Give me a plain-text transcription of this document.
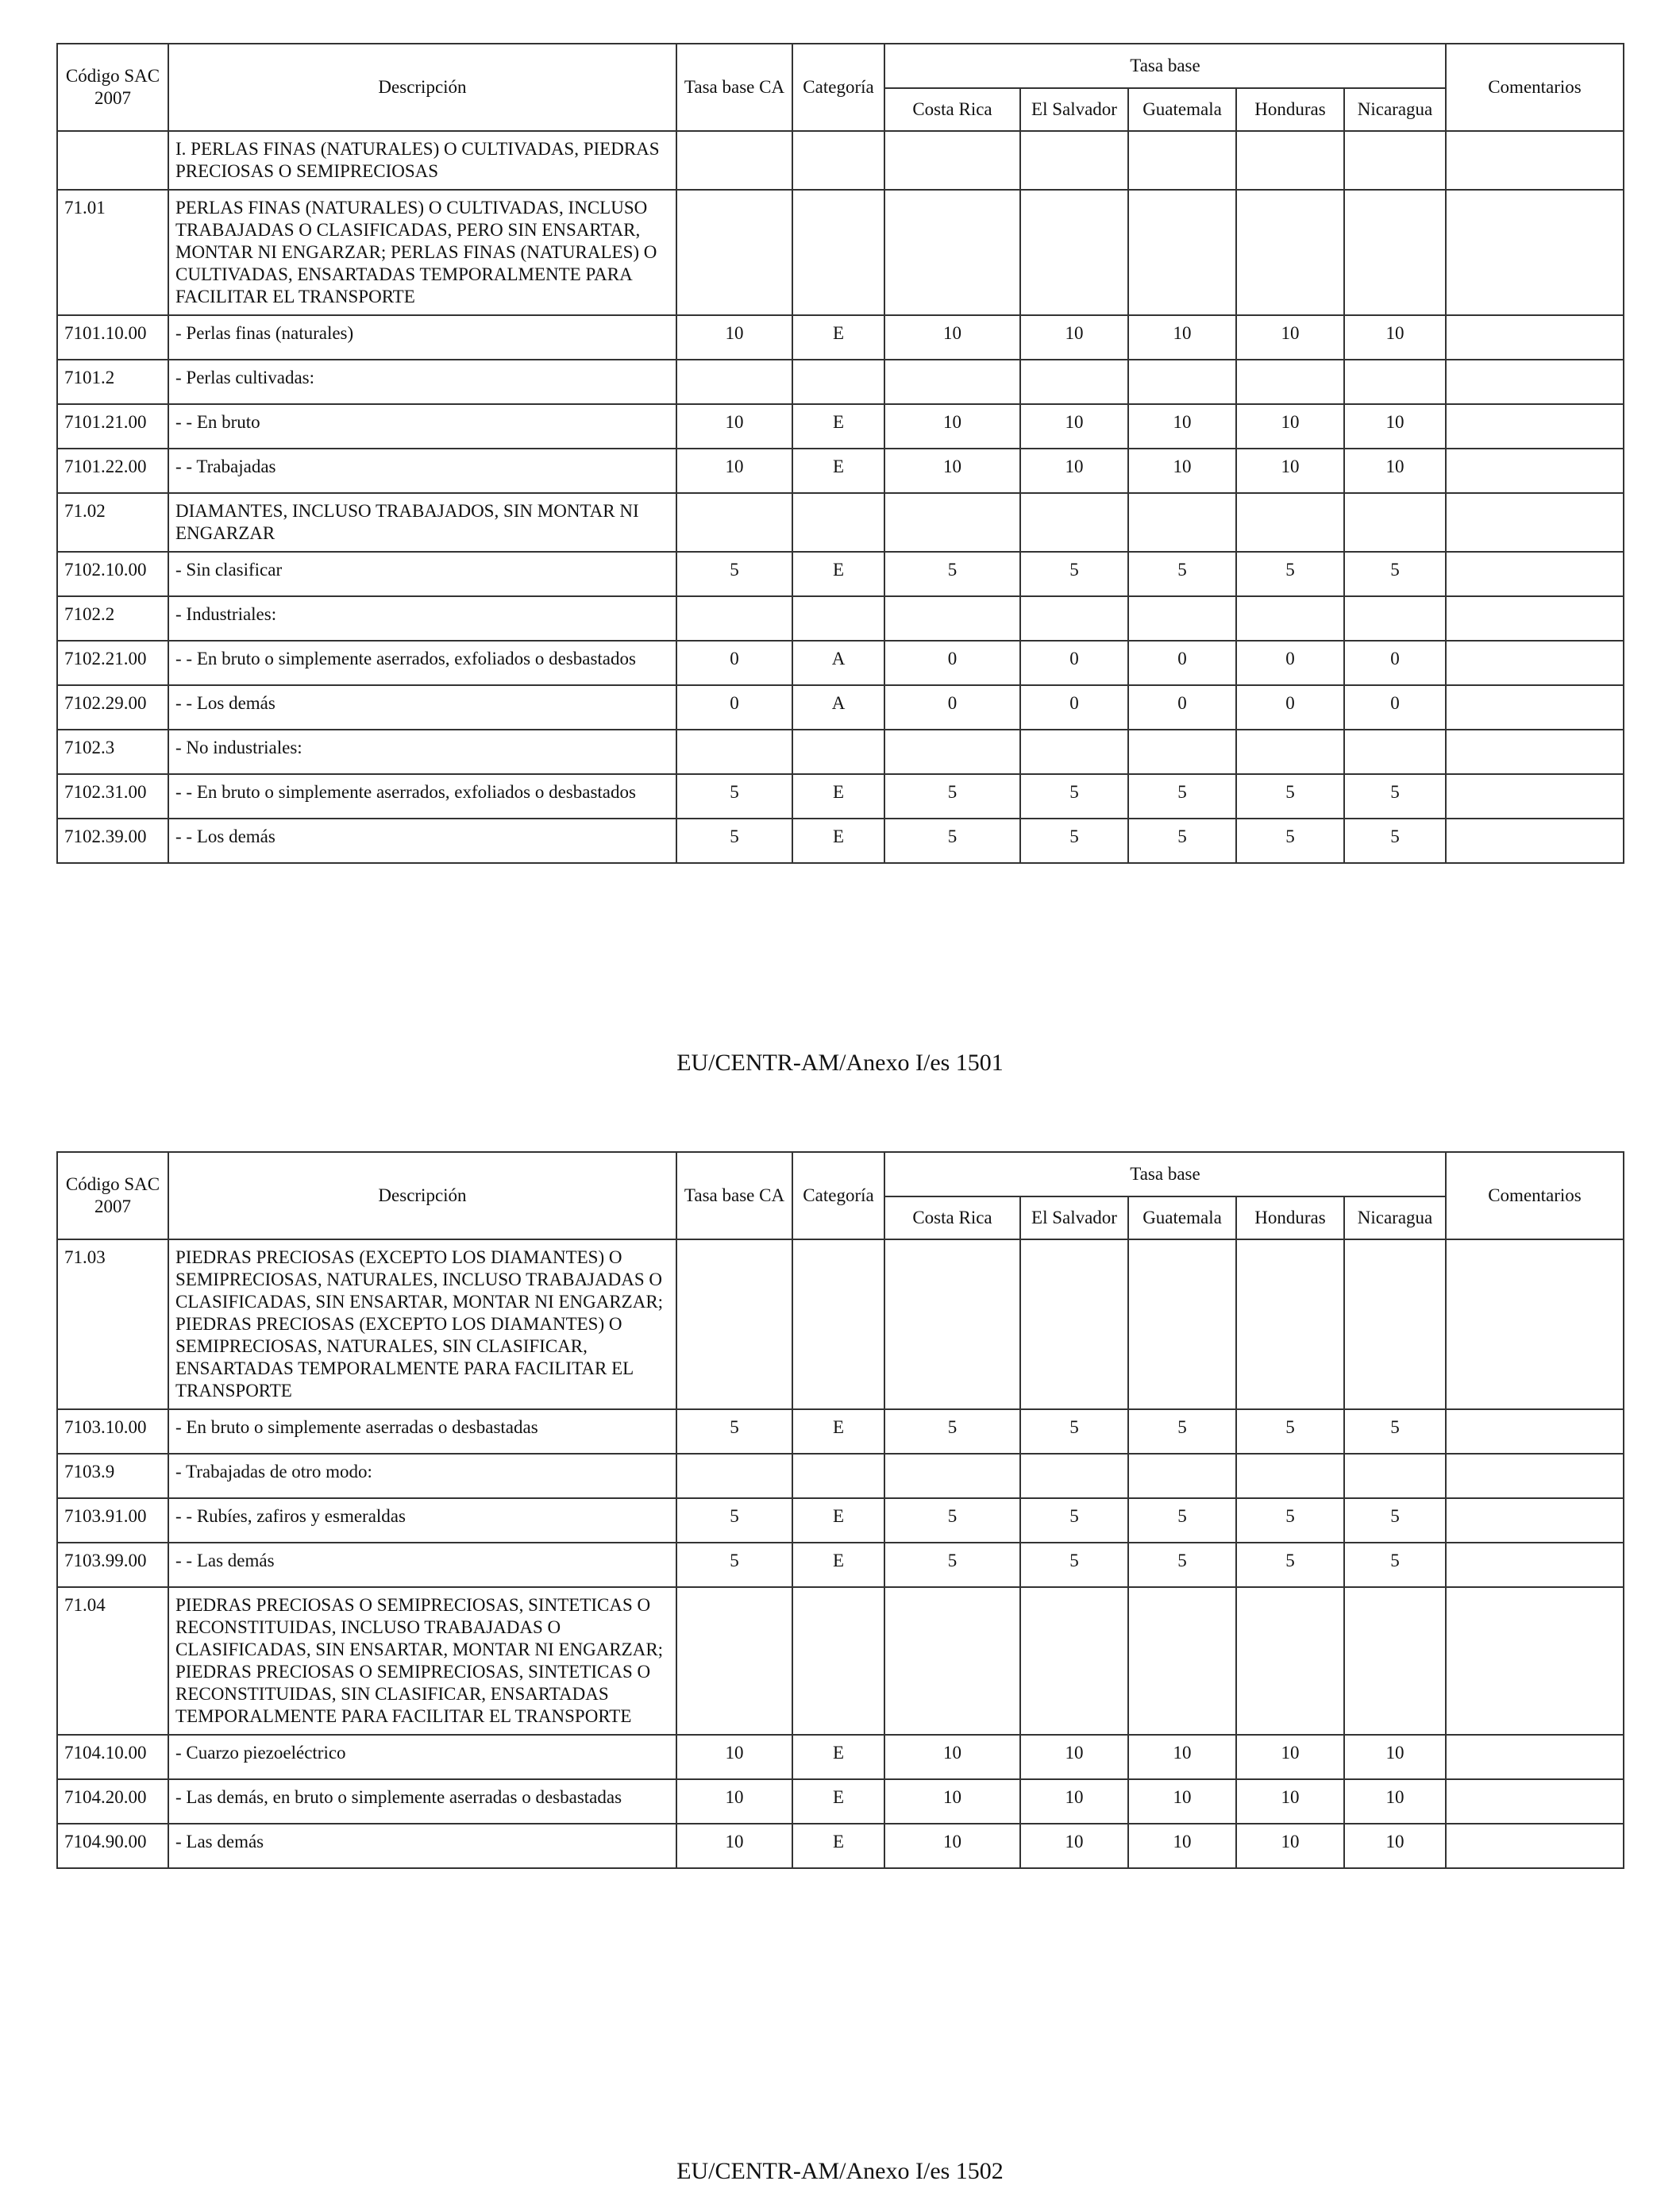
Código SAC 2007	Descripción	Tasa base CA	Categoría	Tasa base					Comentarios
				Costa Rica	El Salvador	Guatemala	Honduras	Nicaragua	
	I. PERLAS FINAS (NATURALES) O CULTIVADAS, PIEDRAS PRECIOSAS O SEMIPRECIOSAS								
71.01	PERLAS FINAS (NATURALES) O CULTIVADAS, INCLUSO TRABAJADAS O CLASIFICADAS, PERO SIN ENSARTAR, MONTAR NI ENGARZAR; PERLAS FINAS (NATURALES) O CULTIVADAS, ENSARTADAS TEMPORALMENTE PARA FACILITAR EL TRANSPORTE								
7101.10.00	- Perlas finas (naturales)	10	E	10	10	10	10	10	
7101.2	- Perlas cultivadas:								
7101.21.00	- - En bruto	10	E	10	10	10	10	10	
7101.22.00	- - Trabajadas	10	E	10	10	10	10	10	
71.02	DIAMANTES, INCLUSO TRABAJADOS, SIN MONTAR NI ENGARZAR								
7102.10.00	- Sin clasificar	5	E	5	5	5	5	5	
7102.2	- Industriales:								
7102.21.00	- - En bruto o simplemente aserrados, exfoliados o desbastados	0	A	0	0	0	0	0	
7102.29.00	- - Los demás	0	A	0	0	0	0	0	
7102.3	- No industriales:								
7102.31.00	- - En bruto o simplemente aserrados, exfoliados o desbastados	5	E	5	5	5	5	5	
7102.39.00	- - Los demás	5	E	5	5	5	5	5	
EU/CENTR-AM/Anexo I/es 1501
Código SAC 2007	Descripción	Tasa base CA	Categoría	Tasa base					Comentarios
				Costa Rica	El Salvador	Guatemala	Honduras	Nicaragua	
71.03	PIEDRAS PRECIOSAS (EXCEPTO LOS DIAMANTES) O SEMIPRECIOSAS, NATURALES, INCLUSO TRABAJADAS O CLASIFICADAS, SIN ENSARTAR, MONTAR NI ENGARZAR; PIEDRAS PRECIOSAS (EXCEPTO LOS DIAMANTES) O SEMIPRECIOSAS, NATURALES, SIN CLASIFICAR, ENSARTADAS TEMPORALMENTE PARA FACILITAR EL TRANSPORTE								
7103.10.00	- En bruto o simplemente aserradas o desbastadas	5	E	5	5	5	5	5	
7103.9	- Trabajadas de otro modo:								
7103.91.00	- - Rubíes, zafiros y esmeraldas	5	E	5	5	5	5	5	
7103.99.00	- - Las demás	5	E	5	5	5	5	5	
71.04	PIEDRAS PRECIOSAS O SEMIPRECIOSAS, SINTETICAS O RECONSTITUIDAS, INCLUSO TRABAJADAS O CLASIFICADAS, SIN ENSARTAR, MONTAR NI ENGARZAR; PIEDRAS PRECIOSAS O SEMIPRECIOSAS, SINTETICAS O RECONSTITUIDAS, SIN CLASIFICAR, ENSARTADAS TEMPORALMENTE PARA FACILITAR EL TRANSPORTE								
7104.10.00	- Cuarzo piezoeléctrico	10	E	10	10	10	10	10	
7104.20.00	- Las demás, en bruto o simplemente aserradas o desbastadas	10	E	10	10	10	10	10	
7104.90.00	- Las demás	10	E	10	10	10	10	10	
EU/CENTR-AM/Anexo I/es 1502
